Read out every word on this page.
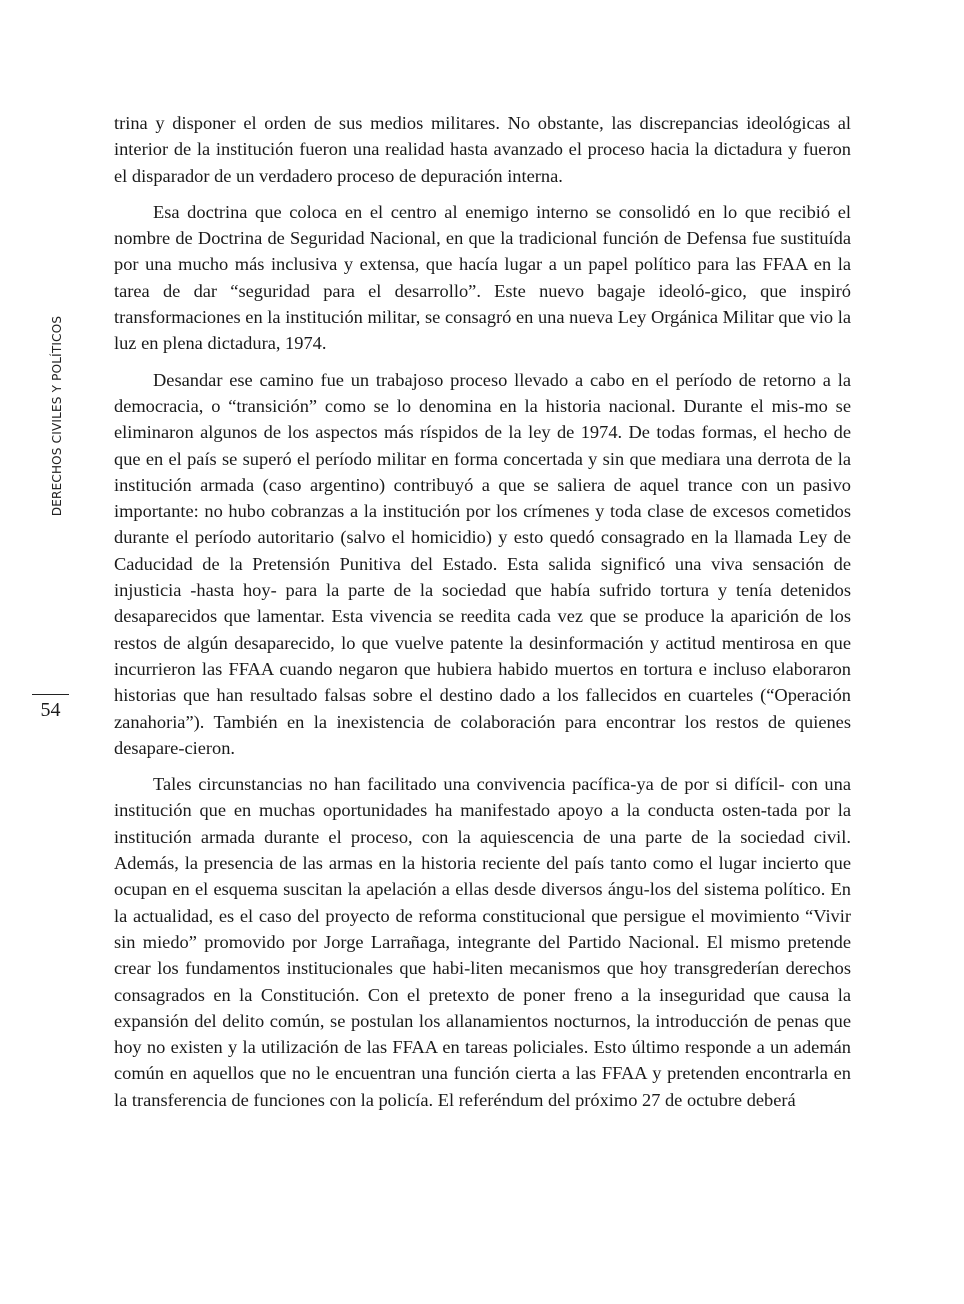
DERECHOS CIVILES Y POLÍTICOS
54

trina y disponer el orden de sus medios militares. No obstante, las discrepancias ideológicas al interior de la institución fueron una realidad hasta avanzado el proceso hacia la dictadura y fueron el disparador de un verdadero proceso de depuración interna.

Esa doctrina que coloca en el centro al enemigo interno se consolidó en lo que recibió el nombre de Doctrina de Seguridad Nacional, en que la tradicional función de Defensa fue sustituída por una mucho más inclusiva y extensa, que hacía lugar a un papel político para las FFAA en la tarea de dar “seguridad para el desarrollo”. Este nuevo bagaje ideoló-gico, que inspiró transformaciones en la institución militar, se consagró en una nueva Ley Orgánica Militar que vio la luz en plena dictadura, 1974.

Desandar ese camino fue un trabajoso proceso llevado a cabo en el período de retorno a la democracia, o “transición” como se lo denomina en la historia nacional. Durante el mis-mo se eliminaron algunos de los aspectos más ríspidos de la ley de 1974. De todas formas, el hecho de que en el país se superó el período militar en forma concertada y sin que mediara una derrota de la institución armada (caso argentino) contribuyó a que se saliera de aquel trance con un pasivo importante: no hubo cobranzas a la institución por los crímenes y toda clase de excesos cometidos durante el período autoritario (salvo el homicidio) y esto quedó consagrado en la llamada Ley de Caducidad de la Pretensión Punitiva del Estado. Esta salida significó una viva sensación de injusticia -hasta hoy- para la parte de la sociedad que había sufrido tortura y tenía detenidos desaparecidos que lamentar. Esta vivencia se reedita cada vez que se produce la aparición de los restos de algún desaparecido, lo que vuelve patente la desinformación y actitud mentirosa en que incurrieron las FFAA cuando negaron que hubiera habido muertos en tortura e incluso elaboraron historias que han resultado falsas sobre el destino dado a los fallecidos en cuarteles (“Operación zanahoria”). También en la inexistencia de colaboración para encontrar los restos de quienes desapare-cieron.

Tales circunstancias no han facilitado una convivencia pacífica-ya de por si difícil- con una institución que en muchas oportunidades ha manifestado apoyo a la conducta osten-tada por la institución armada durante el proceso, con la aquiescencia de una parte de la sociedad civil. Además, la presencia de las armas en la historia reciente del país tanto como el lugar incierto que ocupan en el esquema suscitan la apelación a ellas desde diversos ángu-los del sistema político. En la actualidad, es el caso del proyecto de reforma constitucional que persigue el movimiento “Vivir sin miedo” promovido por Jorge Larrañaga, integrante del Partido Nacional. El mismo pretende crear los fundamentos institucionales que habi-liten mecanismos que hoy transgrederían derechos consagrados en la Constitución. Con el pretexto de poner freno a la inseguridad que causa la expansión del delito común, se postulan los allanamientos nocturnos, la introducción de penas que hoy no existen y la utilización de las FFAA en tareas policiales. Esto último responde a un ademán común en aquellos que no le encuentran una función cierta a las FFAA y pretenden encontrarla en la transferencia de funciones con la policía. El referéndum del próximo 27 de octubre deberá
